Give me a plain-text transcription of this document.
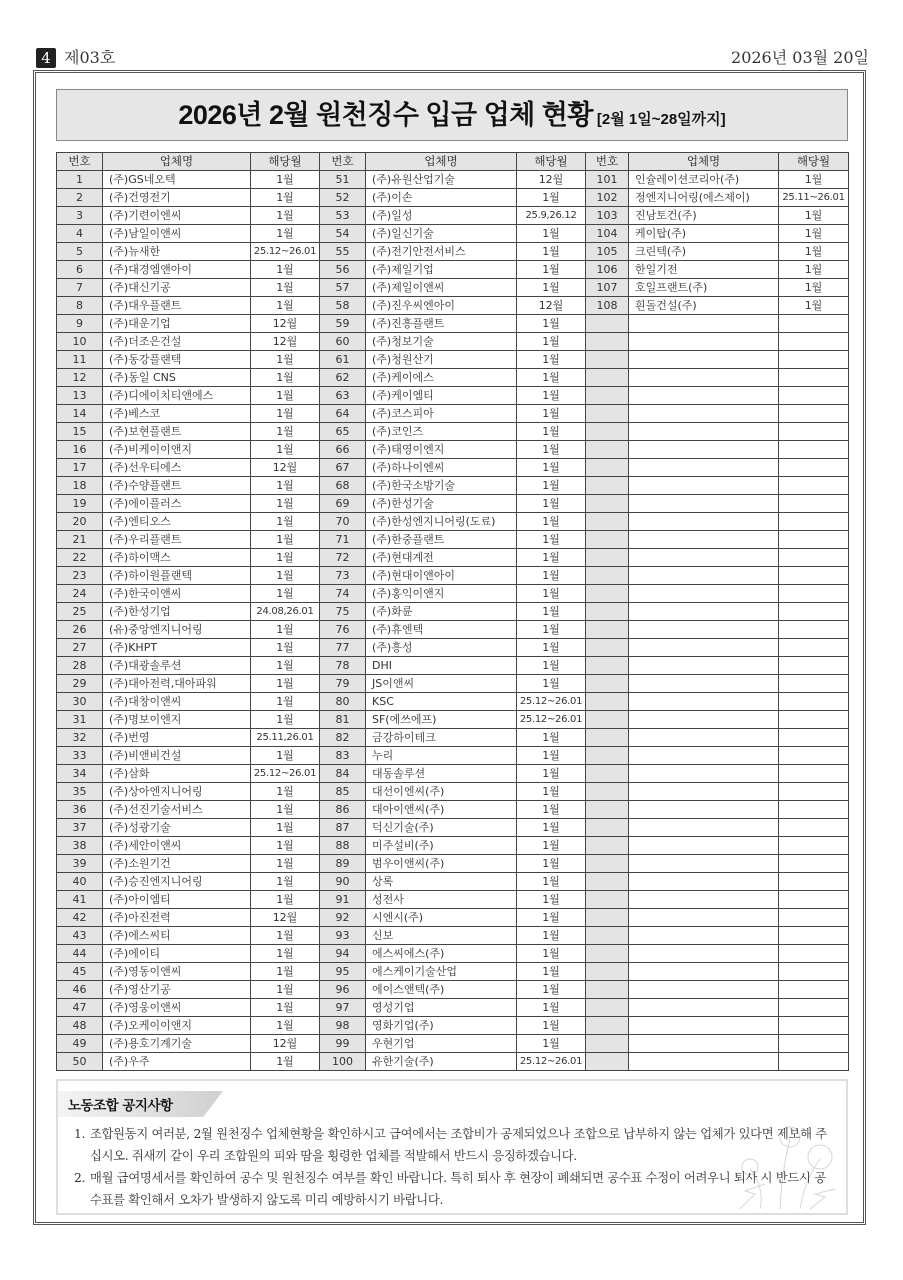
4 제03호	2026년 03월 20일
2026년 2월 원천징수 입금 업체 현황 [2월 1일~28일까지]
번호	업체명	해당월
1	(주)GS네오텍	1월
2	(주)건영전기	1월
3	(주)기련이엔씨	1월
4	(주)남일이앤씨	1월
5	(주)뉴새한	25.12~26.01
6	(주)대경엠앤아이	1월
7	(주)대신기공	1월
8	(주)대우플랜트	1월
9	(주)대운기업	12월
10	(주)더조은건설	12월
11	(주)동강플랜텍	1월
12	(주)동일 CNS	1월
13	(주)디에이치티앤에스	1월
14	(주)베스코	1월
15	(주)보현플랜트	1월
16	(주)비케이이앤지	1월
17	(주)선우티에스	12월
18	(주)수양플랜트	1월
19	(주)에이플러스	1월
20	(주)엔티오스	1월
21	(주)우리플랜트	1월
22	(주)하이맥스	1월
23	(주)하이원플랜텍	1월
24	(주)한국이앤씨	1월
25	(주)한성기업	24.08,26.01
26	(유)중앙엔지니어링	1월
27	(주)KHPT	1월
28	(주)대광솔루션	1월
29	(주)대아전력,대아파워	1월
30	(주)대창이앤씨	1월
31	(주)명보이엔지	1월
32	(주)번영	25.11,26.01
33	(주)비앤비건설	1월
34	(주)삼화	25.12~26.01
35	(주)상아엔지니어링	1월
36	(주)선진기술서비스	1월
37	(주)성광기술	1월
38	(주)세안이앤씨	1월
39	(주)소원기건	1월
40	(주)승진엔지니어링	1월
41	(주)아이엠티	1월
42	(주)아진전력	12월
43	(주)에스씨티	1월
44	(주)에이티	1월
45	(주)영동이앤씨	1월
46	(주)영산기공	1월
47	(주)영웅이앤씨	1월
48	(주)오케이이앤지	1월
49	(주)용호기계기술	12월
50	(주)우주	1월
번호	업체명	해당월
51	(주)유원산업기술	12월
52	(주)이손	1월
53	(주)일성	25.9,26.12
54	(주)일신기술	1월
55	(주)전기안전서비스	1월
56	(주)제일기업	1월
57	(주)제일이앤씨	1월
58	(주)진우씨엔아이	12월
59	(주)진흥플랜트	1월
60	(주)청보기술	1월
61	(주)청원산기	1월
62	(주)케이에스	1월
63	(주)케이엠티	1월
64	(주)코스피아	1월
65	(주)코인즈	1월
66	(주)태영이엔지	1월
67	(주)하나이엔씨	1월
68	(주)한국소방기술	1월
69	(주)한성기술	1월
70	(주)한성엔지니어링(도료)	1월
71	(주)한중플랜트	1월
72	(주)현대계전	1월
73	(주)현대이앤아이	1월
74	(주)홍익이앤지	1월
75	(주)화륜	1월
76	(주)휴엔텍	1월
77	(주)흥성	1월
78	DHI	1월
79	JS이앤씨	1월
80	KSC	25.12~26.01
81	SF(에쓰에프)	25.12~26.01
82	금강하이테크	1월
83	누리	1월
84	대동솔루션	1월
85	대선이엔씨(주)	1월
86	대아이앤씨(주)	1월
87	덕신기술(주)	1월
88	미주설비(주)	1월
89	범우이앤씨(주)	1월
90	상록	1월
91	성전사	1월
92	시엔시(주)	1월
93	신보	1월
94	에스씨에스(주)	1월
95	에스케이기술산업	1월
96	에이스앤텍(주)	1월
97	영성기업	1월
98	영화기업(주)	1월
99	우현기업	1월
100	유한기술(주)	25.12~26.01
번호	업체명	해당월
101	인슐레이션코리아(주)	1월
102	정엔지니어링(에스제이)	25.11~26.01
103	진남토건(주)	1월
104	케이탑(주)	1월
105	크린텍(주)	1월
106	한일기전	1월
107	호일프랜트(주)	1월
108	흰돌건설(주)	1월

노동조합 공지사항
1. 조합원동지 여러분, 2월 원천징수 업체현황을 확인하시고 급여에서는 조합비가 공제되었으나 조합으로 납부하지 않는 업체가 있다면 제보해 주십시오. 쥐새끼 같이 우리 조합원의 피와 땀을 횡령한 업체를 적발해서 반드시 응징하겠습니다.
2. 매월 급여명세서를 확인하여 공수 및 원천징수 여부를 확인 바랍니다. 특히 퇴사 후 현장이 폐쇄되면 공수표 수정이 어려우니 퇴사 시 반드시 공수표를 확인해서 오차가 발생하지 않도록 미리 예방하시기 바랍니다.
